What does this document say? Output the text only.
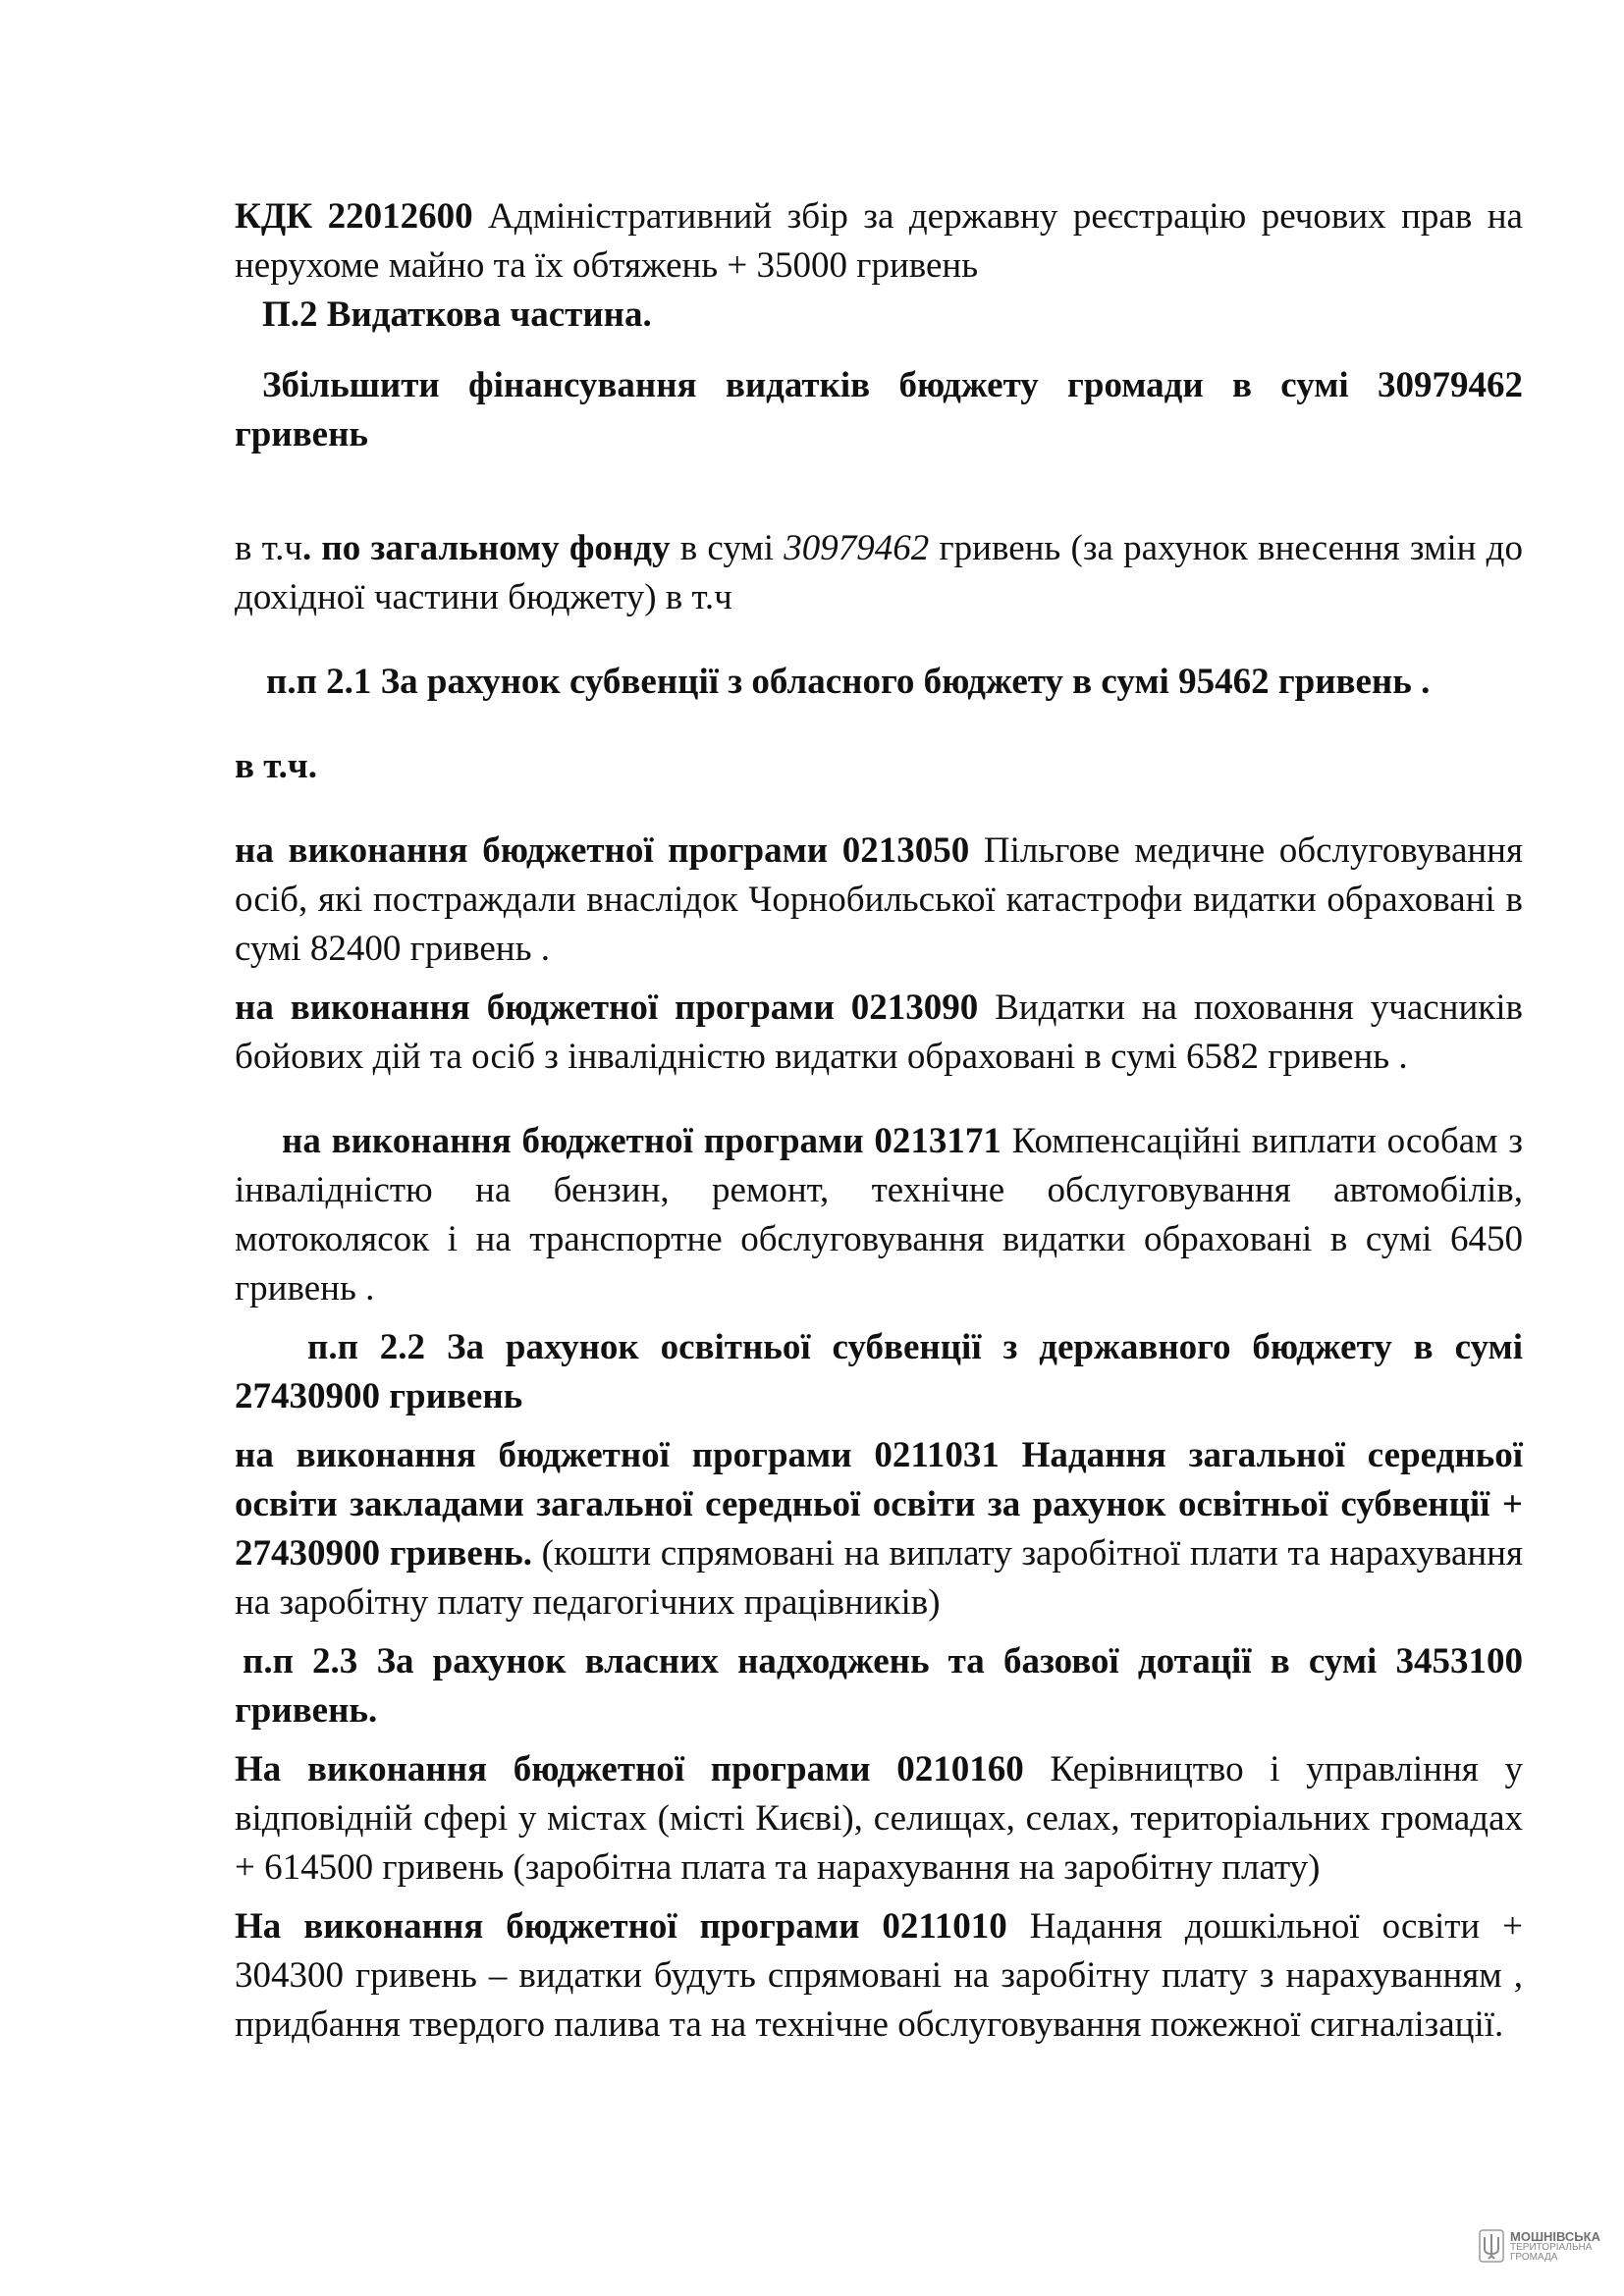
КДК 22012600 Адміністративний збір за державну реєстрацію речових прав на нерухоме майно та їх обтяжень + 35000 гривень

П.2 Видаткова частина.

Збільшити фінансування видатків бюджету громади в сумі 30979462 гривень

в т.ч. по загальному фонду в сумі 30979462 гривень (за рахунок внесення змін до дохідної частини бюджету) в т.ч

п.п 2.1 За рахунок субвенції з обласного бюджету в сумі 95462 гривень .

в т.ч.

на виконання бюджетної програми 0213050 Пільгове медичне обслуговування осіб, які постраждали внаслідок Чорнобильської катастрофи видатки обраховані в сумі 82400 гривень .

на виконання бюджетної програми 0213090 Видатки на поховання учасників бойових дій та осіб з інвалідністю видатки обраховані в сумі 6582 гривень .

на виконання бюджетної програми 0213171 Компенсаційні виплати особам з інвалідністю на бензин, ремонт, технічне обслуговування автомобілів, мотоколясок і на транспортне обслуговування видатки обраховані в сумі 6450 гривень .

п.п 2.2 За рахунок освітньої субвенції з державного бюджету в сумі 27430900 гривень

на виконання бюджетної програми 0211031 Надання загальної середньої освіти закладами загальної середньої освіти за рахунок освітньої субвенції + 27430900 гривень. (кошти спрямовані на виплату заробітної плати та нарахування на заробітну плату педагогічних працівників)

п.п 2.3 За рахунок власних надходжень та базової дотації в сумі 3453100 гривень.

На виконання бюджетної програми 0210160 Керівництво і управління у відповідній сфері у містах (місті Києві), селищах, селах, територіальних громадах + 614500 гривень (заробітна плата та нарахування на заробітну плату)

На виконання бюджетної програми 0211010 Надання дошкільної освіти + 304300 гривень – видатки будуть спрямовані на заробітну плату з нарахуванням , придбання твердого палива та на технічне обслуговування пожежної сигналізації.

МОШНІВСЬКА
ТЕРИТОРІАЛЬНА
ГРОМАДА
